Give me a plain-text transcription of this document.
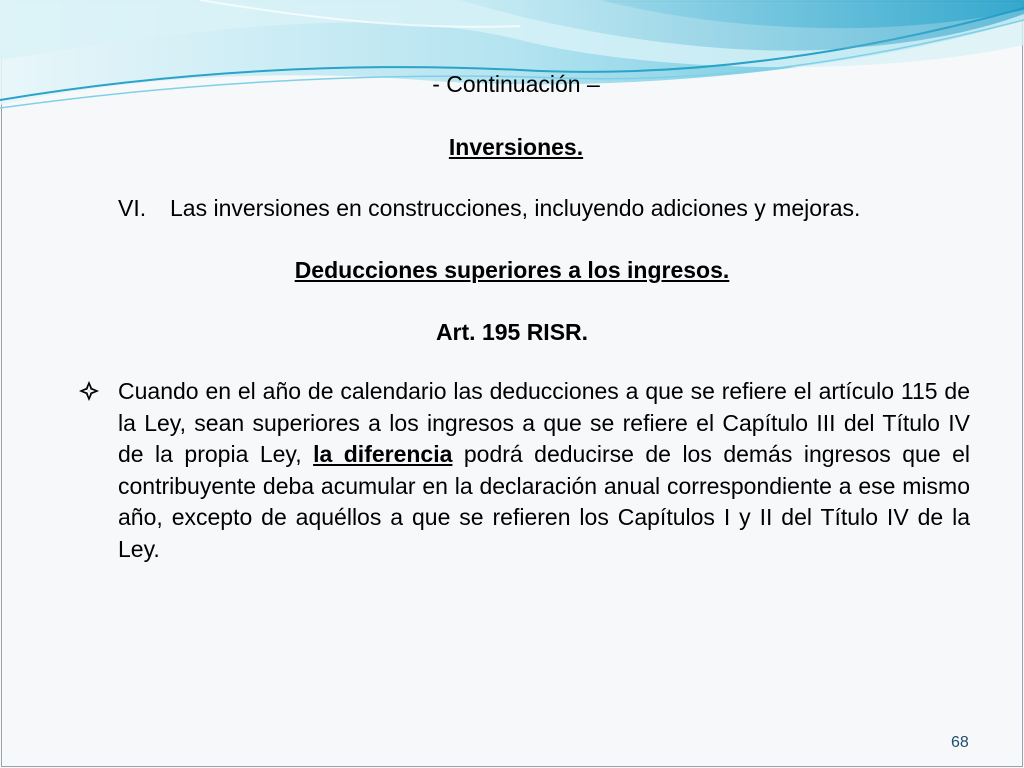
- Continuación –

Inversiones.

VI. Las inversiones en construcciones, incluyendo adiciones y mejoras.

Deducciones superiores a los ingresos.

Art. 195 RISR.

Cuando en el año de calendario las deducciones a que se refiere el artículo 115 de la Ley, sean superiores a los ingresos a que se refiere el Capítulo III del Título IV de la propia Ley, la diferencia podrá deducirse de los demás ingresos que el contribuyente deba acumular en la declaración anual correspondiente a ese mismo año, excepto de aquéllos a que se refieren los Capítulos I y II del Título IV de la Ley.

68
